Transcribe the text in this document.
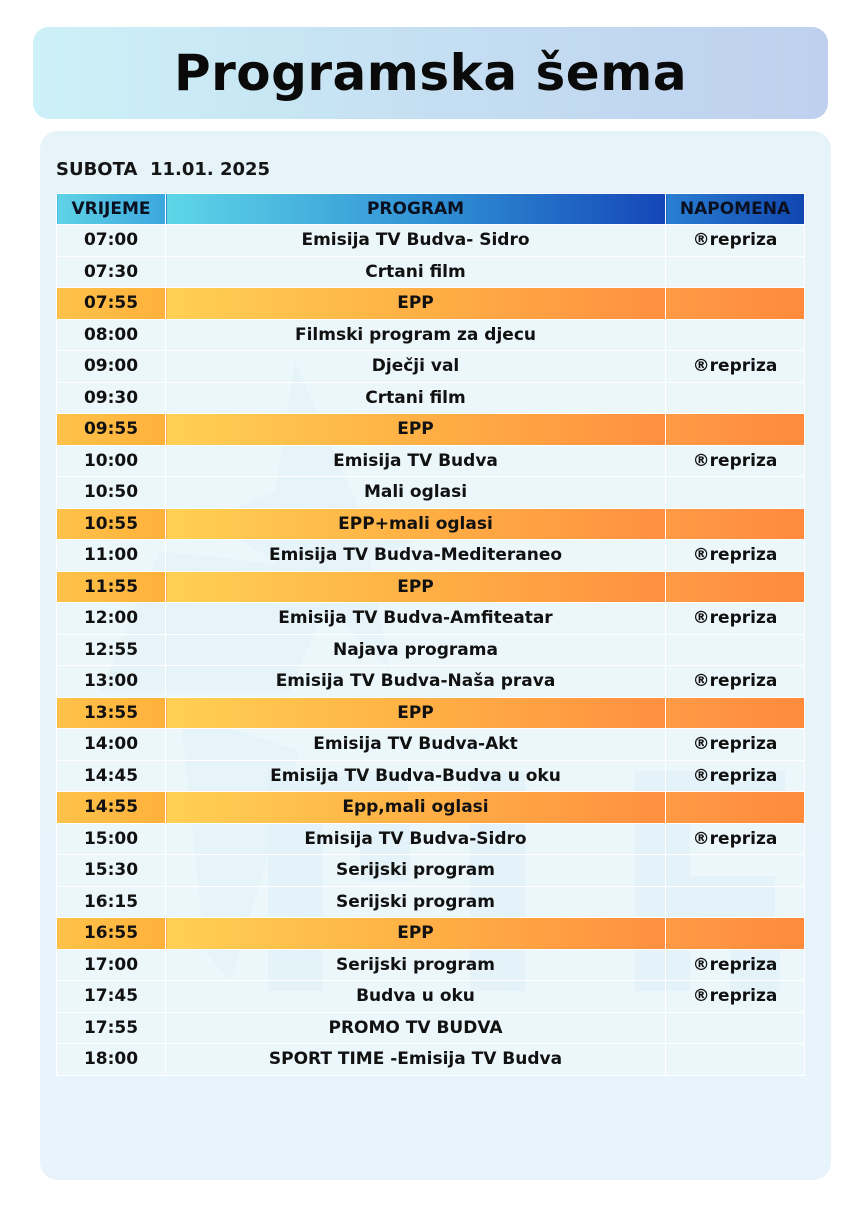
Programska šema
SUBOTA  11.01. 2025
VRIJEME	PROGRAM	NAPOMENA
07:00	Emisija TV Budva- Sidro	®repriza
07:30	Crtani film	
07:55	EPP	
08:00	Filmski program za djecu	
09:00	Dječji val	®repriza
09:30	Crtani film	
09:55	EPP	
10:00	Emisija TV Budva	®repriza
10:50	Mali oglasi	
10:55	EPP+mali oglasi	
11:00	Emisija TV Budva-Mediteraneo	®repriza
11:55	EPP	
12:00	Emisija TV Budva-Amfiteatar	®repriza
12:55	Najava programa	
13:00	Emisija TV Budva-Naša prava	®repriza
13:55	EPP	
14:00	Emisija TV Budva-Akt	®repriza
14:45	Emisija TV Budva-Budva u oku	®repriza
14:55	Epp,mali oglasi	
15:00	Emisija TV Budva-Sidro	®repriza
15:30	Serijski program	
16:15	Serijski program	
16:55	EPP	
17:00	Serijski program	®repriza
17:45	Budva u oku	®repriza
17:55	PROMO TV BUDVA	
18:00	SPORT TIME -Emisija TV Budva	
